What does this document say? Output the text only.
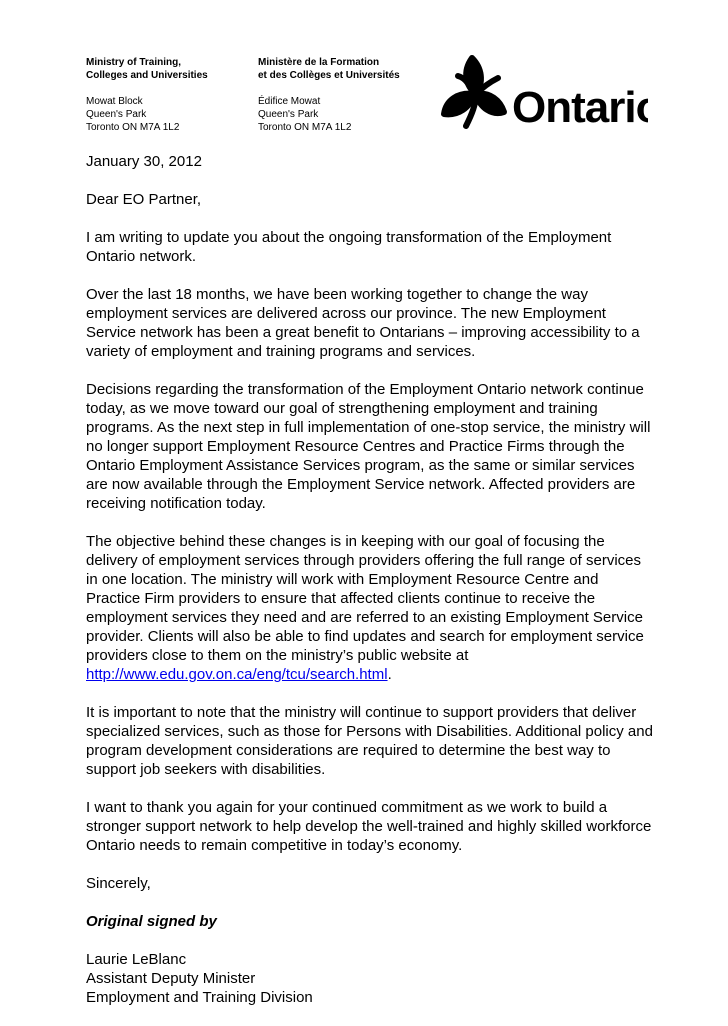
Ministry of Training,
Colleges and Universities
Mowat Block
Queen's Park
Toronto ON M7A 1L2
Ministère de la Formation
et des Collèges et Universités
Édifice Mowat
Queen's Park
Toronto ON M7A 1L2	Ontario

January 30, 2012

Dear EO Partner,

I am writing to update you about the ongoing transformation of the Employment Ontario network.

Over the last 18 months, we have been working together to change the way employment services are delivered across our province. The new Employment Service network has been a great benefit to Ontarians – improving accessibility to a variety of employment and training programs and services.

Decisions regarding the transformation of the Employment Ontario network continue today, as we move toward our goal of strengthening employment and training programs. As the next step in full implementation of one-stop service, the ministry will no longer support Employment Resource Centres and Practice Firms through the Ontario Employment Assistance Services program, as the same or similar services are now available through the Employment Service network. Affected providers are receiving notification today.

The objective behind these changes is in keeping with our goal of focusing the delivery of employment services through providers offering the full range of services in one location. The ministry will work with Employment Resource Centre and Practice Firm providers to ensure that affected clients continue to receive the employment services they need and are referred to an existing Employment Service provider. Clients will also be able to find updates and search for employment service providers close to them on the ministry’s public website at http://www.edu.gov.on.ca/eng/tcu/search.html.

It is important to note that the ministry will continue to support providers that deliver specialized services, such as those for Persons with Disabilities. Additional policy and program development considerations are required to determine the best way to support job seekers with disabilities.

I want to thank you again for your continued commitment as we work to build a stronger support network to help develop the well-trained and highly skilled workforce Ontario needs to remain competitive in today’s economy.

Sincerely,

Original signed by

Laurie LeBlanc
Assistant Deputy Minister
Employment and Training Division
